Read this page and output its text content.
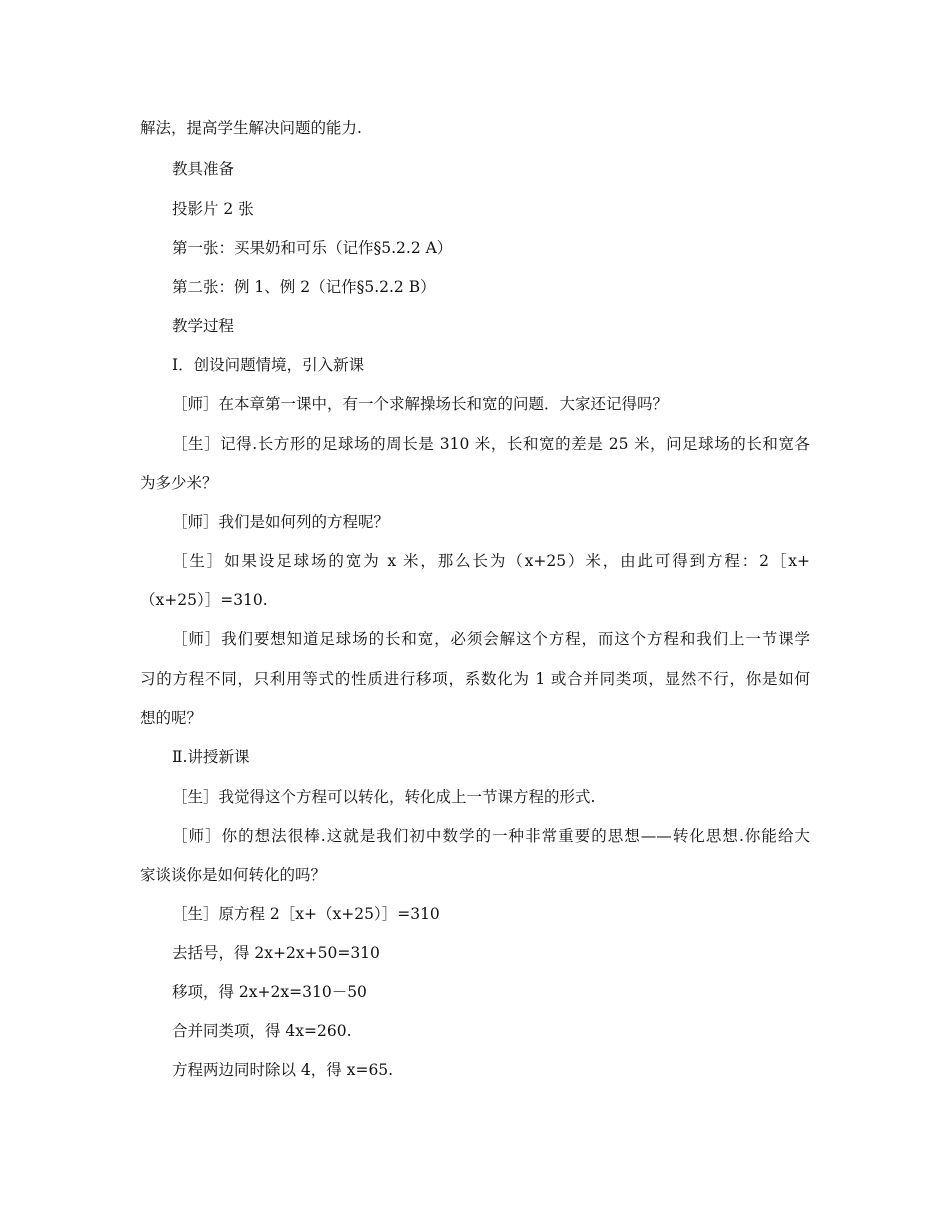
解法，提高学生解决问题的能力.
教具准备
投影片 2 张
第一张：买果奶和可乐（记作§5.2.2 A）
第二张：例 1、例 2（记作§5.2.2 B）
教学过程
Ⅰ．创设问题情境，引入新课
［师］在本章第一课中，有一个求解操场长和宽的问题．大家还记得吗？
［生］记得.长方形的足球场的周长是 310 米，长和宽的差是 25 米，问足球场的长和宽各
为多少米？
［师］我们是如何列的方程呢？
［生］如果设足球场的宽为 x 米，那么长为（x+25）米，由此可得到方程：2［x+
（x+25）］=310.
［师］我们要想知道足球场的长和宽，必须会解这个方程，而这个方程和我们上一节课学
习的方程不同，只利用等式的性质进行移项，系数化为 1 或合并同类项，显然不行，你是如何
想的呢？
Ⅱ.讲授新课
［生］我觉得这个方程可以转化，转化成上一节课方程的形式.
［师］你的想法很棒.这就是我们初中数学的一种非常重要的思想——转化思想.你能给大
家谈谈你是如何转化的吗？
［生］原方程 2［x+（x+25）］=310
去括号，得 2x+2x+50=310
移项，得 2x+2x=310－50
合并同类项，得 4x=260.
方程两边同时除以 4，得 x=65.
